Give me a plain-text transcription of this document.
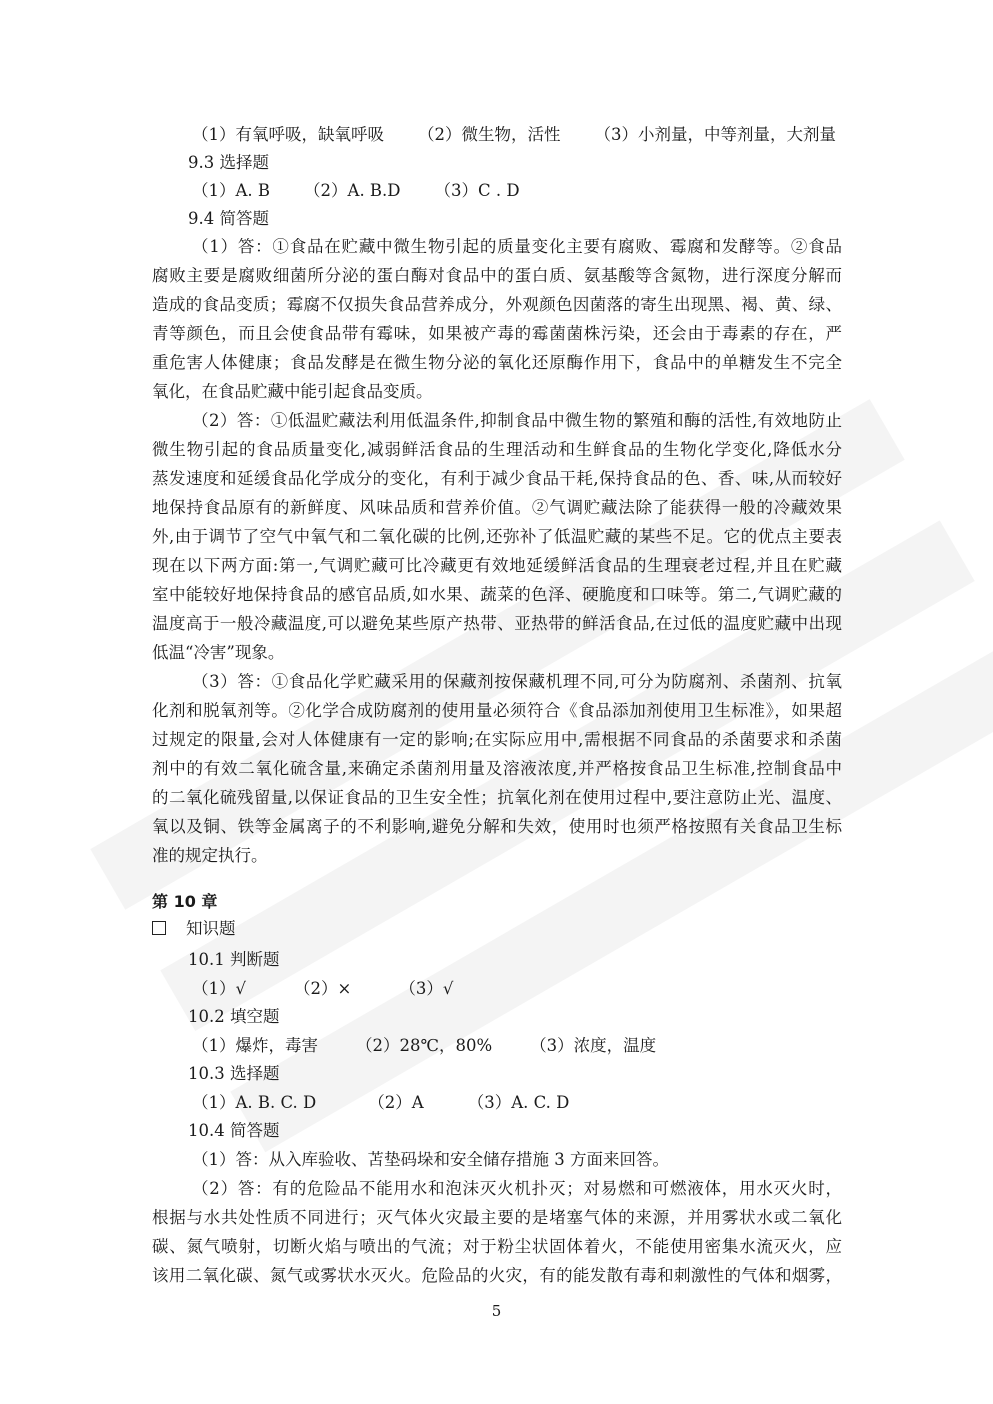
（1）有氧呼吸，缺氧呼吸 （2）微生物，活性 （3）小剂量，中等剂量，大剂量
9.3 选择题
（1）A. B （2）A. B.D （3）C . D
9.4 简答题
（1）答：①食品在贮藏中微生物引起的质量变化主要有腐败、霉腐和发酵等。②食品
腐败主要是腐败细菌所分泌的蛋白酶对食品中的蛋白质、氨基酸等含氮物，进行深度分解而
造成的食品变质；霉腐不仅损失食品营养成分，外观颜色因菌落的寄生出现黑、褐、黄、绿、
青等颜色，而且会使食品带有霉味，如果被产毒的霉菌菌株污染，还会由于毒素的存在，严
重危害人体健康；食品发酵是在微生物分泌的氧化还原酶作用下，食品中的单糖发生不完全
氧化，在食品贮藏中能引起食品变质。
（2）答：①低温贮藏法利用低温条件,抑制食品中微生物的繁殖和酶的活性,有效地防止
微生物引起的食品质量变化,减弱鲜活食品的生理活动和生鲜食品的生物化学变化,降低水分
蒸发速度和延缓食品化学成分的变化，有利于减少食品干耗,保持食品的色、香、味,从而较好
地保持食品原有的新鲜度、风味品质和营养价值。②气调贮藏法除了能获得一般的冷藏效果
外,由于调节了空气中氧气和二氧化碳的比例,还弥补了低温贮藏的某些不足。它的优点主要表
现在以下两方面:第一,气调贮藏可比冷藏更有效地延缓鲜活食品的生理衰老过程,并且在贮藏
室中能较好地保持食品的感官品质,如水果、蔬菜的色泽、硬脆度和口味等。第二,气调贮藏的
温度高于一般冷藏温度,可以避免某些原产热带、亚热带的鲜活食品,在过低的温度贮藏中出现
低温“冷害”现象。
（3）答：①食品化学贮藏采用的保藏剂按保藏机理不同,可分为防腐剂、杀菌剂、抗氧
化剂和脱氧剂等。②化学合成防腐剂的使用量必须符合《食品添加剂使用卫生标准》，如果超
过规定的限量,会对人体健康有一定的影响;在实际应用中,需根据不同食品的杀菌要求和杀菌
剂中的有效二氧化硫含量,来确定杀菌剂用量及溶液浓度,并严格按食品卫生标准,控制食品中
的二氧化硫残留量,以保证食品的卫生安全性；抗氧化剂在使用过程中,要注意防止光、温度、
氧以及铜、铁等金属离子的不利影响,避免分解和失效，使用时也须严格按照有关食品卫生标
准的规定执行。
第 10 章
知识题
10.1 判断题
（1）√	（2）×	（3）√
10.2 填空题
（1）爆炸，毒害 （2）28℃，80% （3）浓度，温度
10.3 选择题
（1）A. B. C. D	（2）A	（3）A. C. D
10.4 简答题
（1）答：从入库验收、苫垫码垛和安全储存措施 3 方面来回答。
（2）答：有的危险品不能用水和泡沫灭火机扑灭；对易燃和可燃液体，用水灭火时，
根据与水共处性质不同进行；灭气体火灾最主要的是堵塞气体的来源，并用雾状水或二氧化
碳、氮气喷射，切断火焰与喷出的气流；对于粉尘状固体着火，不能使用密集水流灭火，应
该用二氧化碳、氮气或雾状水灭火。危险品的火灾，有的能发散有毒和刺激性的气体和烟雾，
5
